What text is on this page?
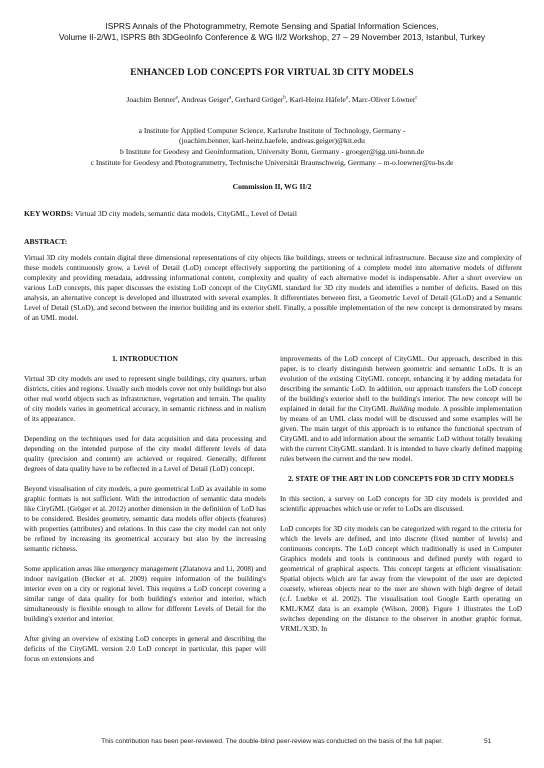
ISPRS Annals of the Photogrammetry, Remote Sensing and Spatial Information Sciences,
Volume II-2/W1, ISPRS 8th 3DGeoInfo Conference & WG II/2 Workshop, 27 – 29 November 2013, Istanbul, Turkey
ENHANCED LOD CONCEPTS FOR VIRTUAL 3D CITY MODELS
Joachim Benner$^a$, Andreas Geiger$^a$, Gerhard Gröger$^b$, Karl-Heinz Häfele$^a$, Marc-Oliver Löwner$^c$
a Institute for Applied Computer Science, Karlsruhe Institute of Technology, Germany -
(joachim.benner, karl-heinz.haefele, andreas.geiger)@kit.edu
b Institute for Geodesy and Geoinformation, University Bonn, Germany - groeger@igg.uni-bonn.de
c Institute for Geodesy and Photogrammetry, Technische Universität Braunschweig, Germany – m-o.loewner@tu-bs.de
Commission II, WG II/2
KEY WORDS: Virtual 3D city models, semantic data models, CityGML, Level of Detail
ABSTRACT:
Virtual 3D city models contain digital three dimensional representations of city objects like buildings, streets or technical infrastructure. Because size and complexity of these models continuously grow, a Level of Detail (LoD) concept effectively supporting the partitioning of a complete model into alternative models of different complexity and providing metadata, addressing informational content, complexity and quality of each alternative model is indispensable. After a short overview on various LoD concepts, this paper discusses the existing LoD concept of the CityGML standard for 3D city models and identifies a number of deficits. Based on this analysis, an alternative concept is developed and illustrated with several examples. It differentiates between first, a Geometric Level of Detail (GLoD) and a Semantic Level of Detail (SLoD), and second between the interior building and its exterior shell. Finally, a possible implementation of the new concept is demonstrated by means of an UML model.
1. INTRODUCTION

Virtual 3D city models are used to represent single buildings, city quarters, urban districts, cities and regions. Usually such models cover not only buildings but also other real world objects such as infrastructure, vegetation and terrain. The quality of city models varies in geometrical accuracy, in semantic richness and in realism of its appearance.

Depending on the techniques used for data acquisition and data processing and depending on the intended purpose of the city model different levels of data quality (precision and content) are achieved or required. Generally, different degrees of data quality have to be reflected in a Level of Detail (LoD) concept.

Beyond visualisation of city models, a pure geometrical LoD as available in some graphic formats is not sufficient. With the introduction of semantic data models like CityGML (Gröger et al. 2012) another dimension in the definition of LoD has to be considered. Besides geometry, semantic data models offer objects (features) with properties (attributes) and relations. In this case the city model can not only be refined by increasing its geometrical accuracy but also by the increasing semantic richness.

Some application areas like emergency management (Zlatanova and Li, 2008) and indoor navigation (Becker et al. 2009) require information of the building's interior even on a city or regional level. This requires a LoD concept covering a similar range of data quality for both building's exterior and interior, which simultaneously is flexible enough to allow for different Levels of Detail for the building's exterior and interior.

After giving an overview of existing LoD concepts in general and describing the deficits of the CityGML version 2.0 LoD concept in particular, this paper will focus on extensions and

improvements of the LoD concept of CityGML. Our approach, described in this paper, is to clearly distinguish between geometric and semantic LoDs. It is an evolution of the existing CityGML concept, enhancing it by adding metadata for describing the semantic LoD. In addition, our approach transfers the LoD concept of the building's exterior shell to the building's interior. The new concept will be explained in detail for the CityGML Building module. A possible implementation by means of an UML class model will be discussed and some examples will be given. The main target of this approach is to enhance the functional spectrum of CityGML and to add information about the semantic LoD without totally breaking with the current CityGML standard. It is intended to have clearly defined mapping rules between the current and the new model.

2. STATE OF THE ART IN LOD CONCEPTS FOR 3D CITY MODELS

In this section, a survey on LoD concepts for 3D city models is provided and scientific approaches which use or refer to LoDs are discussed.

LoD concepts for 3D city models can be categorized with regard to the criteria for which the levels are defined, and into discrete (fixed number of levels) and continuous concepts. The LoD concept which traditionally is used in Computer Graphics models and tools is continuous and defined purely with regard to geometrical of graphical aspects. This concept targets at efficient visualisation: Spatial objects which are far away from the viewpoint of the user are depicted coarsely, whereas objects near to the user are shown with high degree of detail (c.f. Luebke et al. 2002). The visualisation tool Google Earth operating on KML/KMZ data is an example (Wilson, 2008). Figure 1 illustrates the LoD switches depending on the distance to the observer in another graphic format, VRML/X3D. In

This contribution has been peer-reviewed. The double-blind peer-review was conducted on the basis of the full paper.	51
